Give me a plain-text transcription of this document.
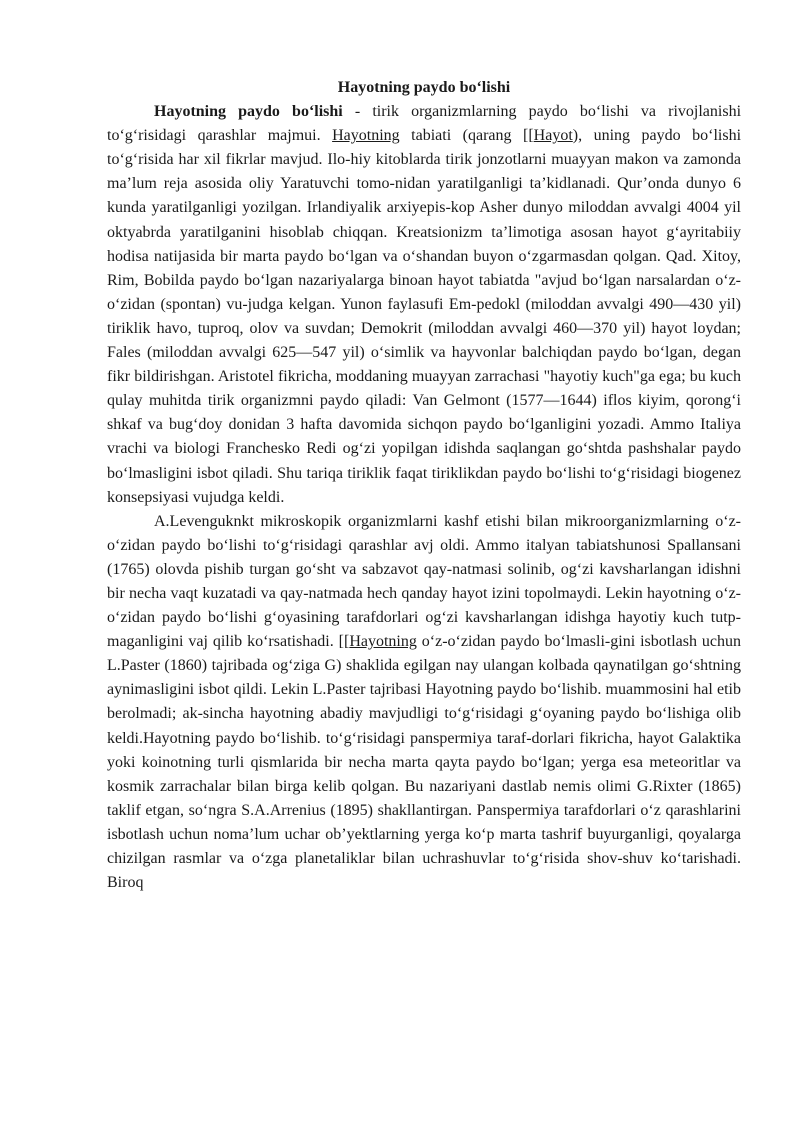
Hayotning paydo bo‘lishi

Hayotning paydo bo‘lishi - tirik organizmlarning paydo bo‘lishi va rivojlanishi to‘g‘risidagi qarashlar majmui. Hayotning tabiati (qarang [[Hayot), uning paydo bo‘lishi to‘g‘risida har xil fikrlar mavjud. Ilo-hiy kitoblarda tirik jonzotlarni muayyan makon va zamonda ma’lum reja asosida oliy Yaratuvchi tomo-nidan yaratilganligi ta’kidlanadi. Qur’onda dunyo 6 kunda yaratilganligi yozilgan. Irlandiyalik arxiyepis-kop Asher dunyo miloddan avvalgi 4004 yil oktyabrda yaratilganini hisoblab chiqqan. Kreatsionizm ta’limotiga asosan hayot g‘ayritabiiy hodisa natijasida bir marta paydo bo‘lgan va o‘shandan buyon o‘zgarmasdan qolgan. Qad. Xitoy, Rim, Bobilda paydo bo‘lgan nazariyalarga binoan hayot tabiatda "avjud bo‘lgan narsalardan o‘z-o‘zidan (spontan) vu-judga kelgan. Yunon faylasufi Em-pedokl (miloddan avvalgi 490—430 yil) tiriklik havo, tuproq, olov va suvdan; Demokrit (miloddan avvalgi 460—370 yil) hayot loydan; Fales (miloddan avvalgi 625—547 yil) o‘simlik va hayvonlar balchiqdan paydo bo‘lgan, degan fikr bildirishgan. Aristotel fikricha, moddaning muayyan zarrachasi "hayotiy kuch"ga ega; bu kuch qulay muhitda tirik organizmni paydo qiladi: Van Gelmont (1577—1644) iflos kiyim, qorong‘i shkaf va bug‘doy donidan 3 hafta davomida sichqon paydo bo‘lganligini yozadi. Ammo Italiya vrachi va biologi Franchesko Redi og‘zi yopilgan idishda saqlangan go‘shtda pashshalar paydo bo‘lmasligini isbot qiladi. Shu tariqa tiriklik faqat tiriklikdan paydo bo‘lishi to‘g‘risidagi biogenez konsepsiyasi vujudga keldi.

A.Levenguknkt mikroskopik organizmlarni kashf etishi bilan mikroorganizmlarning o‘z-o‘zidan paydo bo‘lishi to‘g‘risidagi qarashlar avj oldi. Ammo italyan tabiatshunosi Spallansani (1765) olovda pishib turgan go‘sht va sabzavot qay-natmasi solinib, og‘zi kavsharlangan idishni bir necha vaqt kuzatadi va qay-natmada hech qanday hayot izini topolmaydi. Lekin hayotning o‘z-o‘zidan paydo bo‘lishi g‘oyasining tarafdorlari og‘zi kavsharlangan idishga hayotiy kuch tutp-maganligini vaj qilib ko‘rsatishadi. [[Hayotning o‘z-o‘zidan paydo bo‘lmasli-gini isbotlash uchun L.Paster (1860) tajribada og‘ziga G) shaklida egilgan nay ulangan kolbada qaynatilgan go‘shtning aynimasligini isbot qildi. Lekin L.Paster tajribasi Hayotning paydo bo‘lishib. muammosini hal etib berolmadi; ak-sincha hayotning abadiy mavjudligi to‘g‘risidagi g‘oyaning paydo bo‘lishiga olib keldi.Hayotning paydo bo‘lishib. to‘g‘risidagi panspermiya taraf-dorlari fikricha, hayot Galaktika yoki koinotning turli qismlarida bir necha marta qayta paydo bo‘lgan; yerga esa meteoritlar va kosmik zarrachalar bilan birga kelib qolgan. Bu nazariyani dastlab nemis olimi G.Rixter (1865) taklif etgan, so‘ngra S.A.Arrenius (1895) shakllantirgan. Panspermiya tarafdorlari o‘z qarashlarini isbotlash uchun noma’lum uchar ob’yektlarning yerga ko‘p marta tashrif buyurganligi, qoyalarga chizilgan rasmlar va o‘zga planetaliklar bilan uchrashuvlar to‘g‘risida shov-shuv ko‘tarishadi. Biroq
